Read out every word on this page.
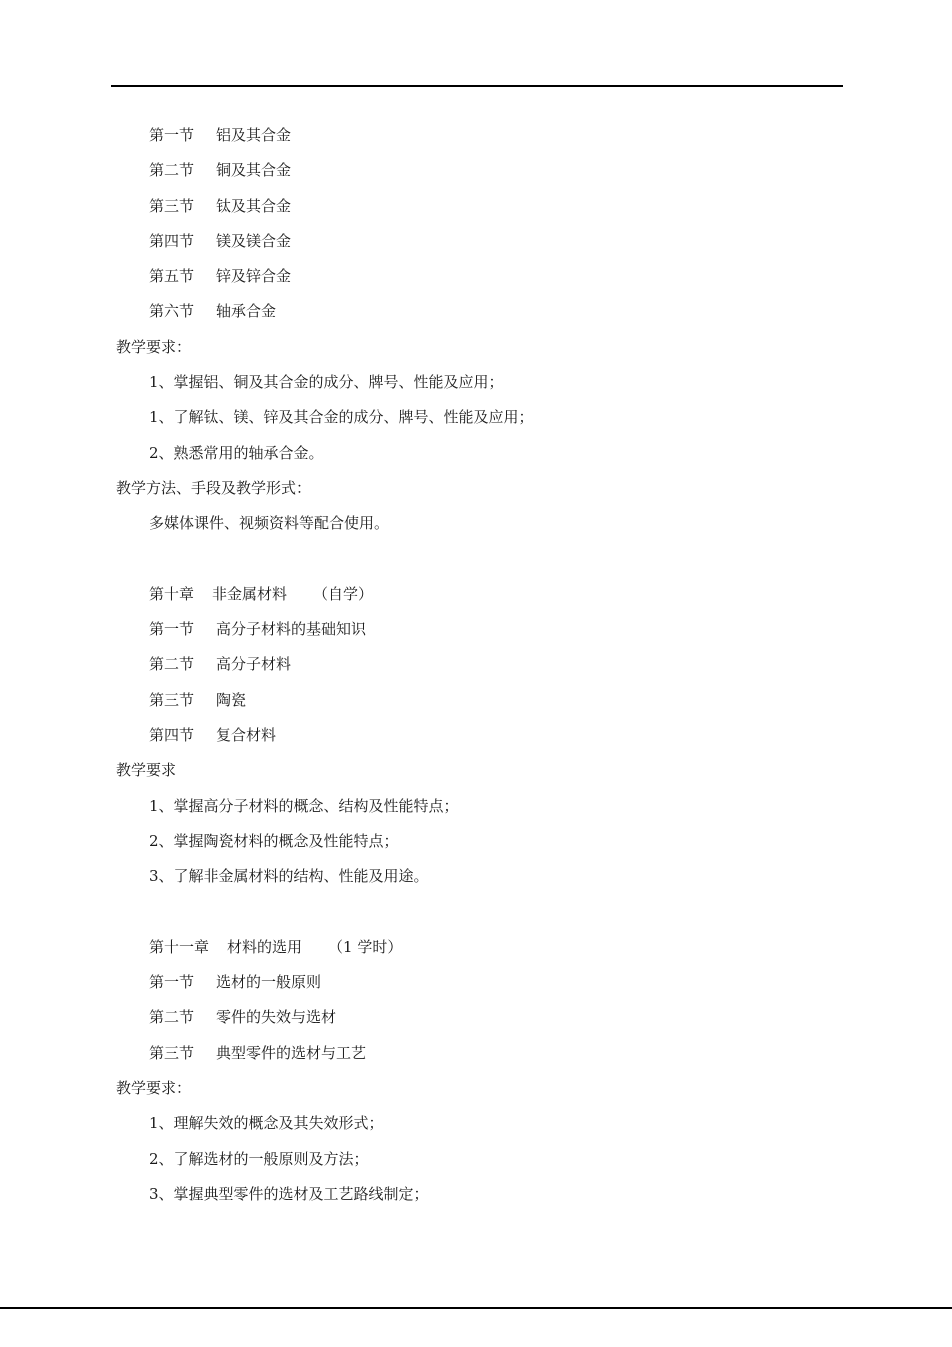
第一节 铝及其合金
第二节 铜及其合金
第三节 钛及其合金
第四节 镁及镁合金
第五节 锌及锌合金
第六节 轴承合金
教学要求：
1、掌握铝、铜及其合金的成分、牌号、性能及应用；
1、了解钛、镁、锌及其合金的成分、牌号、性能及应用；
2、熟悉常用的轴承合金。
教学方法、手段及教学形式：
多媒体课件、视频资料等配合使用。
第十章 非金属材料 （自学）
第一节 高分子材料的基础知识
第二节 高分子材料
第三节 陶瓷
第四节 复合材料
教学要求
1、掌握高分子材料的概念、结构及性能特点；
2、掌握陶瓷材料的概念及性能特点；
3、了解非金属材料的结构、性能及用途。
第十一章 材料的选用 （1 学时）
第一节 选材的一般原则
第二节 零件的失效与选材
第三节 典型零件的选材与工艺
教学要求：
1、理解失效的概念及其失效形式；
2、了解选材的一般原则及方法；
3、掌握典型零件的选材及工艺路线制定；
